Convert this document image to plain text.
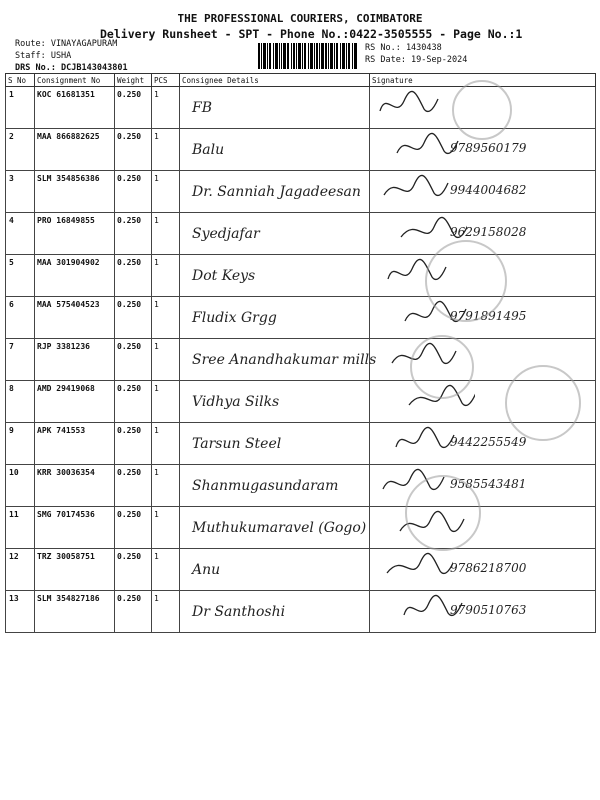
THE PROFESSIONAL COURIERS, COIMBATORE
Delivery Runsheet - SPT - Phone No.:0422-3505555 - Page No.:1
Route: VINAYAGAPURAM
Staff: USHA
DRS No.: DCJB143043801
RS No.: 1430438
RS Date: 19-Sep-2024
S No	Consignment No	Weight	PCS	Consignee Details	Signature
1	KOC 61681351	0.250	1	FB

2	MAA 866882625	0.250	1	Balu	9789560179

3	SLM 354856386	0.250	1	Dr. Sanniah Jagadeesan	9944004682

4	PRO 16849855	0.250	1	Syedjafar	9629158028

5	MAA 301904902	0.250	1	Dot Keys

6	MAA 575404523	0.250	1	Fludix Grgg	9791891495

7	RJP 3381236	0.250	1	Sree Anandhakumar mills

8	AMD 29419068	0.250	1	Vidhya Silks

9	APK 741553	0.250	1	Tarsun Steel	9442255549

10	KRR 30036354	0.250	1	Shanmugasundaram	9585543481

11	SMG 70174536	0.250	1	Muthukumaravel (Gogo)

12	TRZ 30058751	0.250	1	Anu	9786218700

13	SLM 354827186	0.250	1	Dr Santhoshi	9790510763
